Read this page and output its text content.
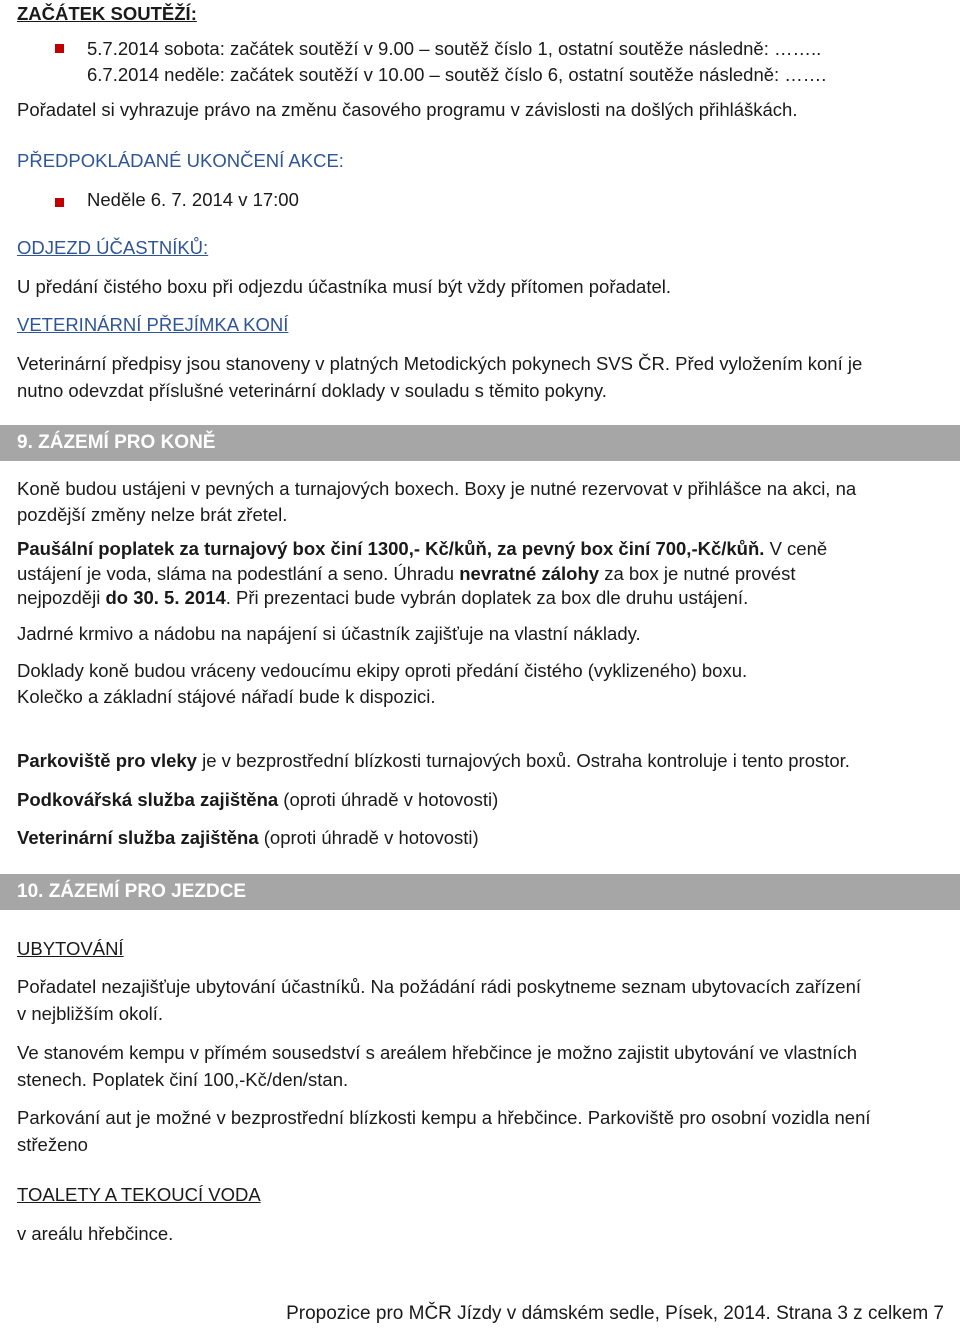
ZAČÁTEK SOUTĚŽÍ:
5.7.2014 sobota: začátek soutěží v 9.00 – soutěž číslo 1, ostatní soutěže následně: ……..
6.7.2014 neděle: začátek soutěží v 10.00 – soutěž číslo 6, ostatní soutěže následně: …….
Pořadatel si vyhrazuje právo na změnu časového programu v závislosti na došlých přihláškách.
PŘEDPOKLÁDANÉ UKONČENÍ AKCE:
Neděle 6. 7. 2014 v 17:00
ODJEZD ÚČASTNÍKŮ:
U předání čistého boxu při odjezdu účastníka musí být vždy přítomen pořadatel.
VETERINÁRNÍ PŘEJÍMKA KONÍ
Veterinární předpisy jsou stanoveny v platných Metodických pokynech SVS ČR. Před vyložením koní je
nutno odevzdat příslušné veterinární doklady v souladu s těmito pokyny.
9. ZÁZEMÍ PRO KONĚ
Koně budou ustájeni v pevných a turnajových boxech. Boxy je nutné rezervovat v přihlášce na akci, na
pozdější změny nelze brát zřetel.
Paušální poplatek za turnajový box činí 1300,- Kč/kůň, za pevný box činí 700,-Kč/kůň. V ceně
ustájení je voda, sláma na podestlání a seno. Úhradu nevratné zálohy za box je nutné provést
nejpozději do 30. 5. 2014. Při prezentaci bude vybrán doplatek za box dle druhu ustájení.
Jadrné krmivo a nádobu na napájení si účastník zajišťuje na vlastní náklady.
Doklady koně budou vráceny vedoucímu ekipy oproti předání čistého (vyklizeného) boxu.
Kolečko a základní stájové nářadí bude k dispozici.
Parkoviště pro vleky je v bezprostřední blízkosti turnajových boxů. Ostraha kontroluje i tento prostor.
Podkovářská služba zajištěna (oproti úhradě v hotovosti)
Veterinární služba zajištěna (oproti úhradě v hotovosti)
10. ZÁZEMÍ PRO JEZDCE
UBYTOVÁNÍ
Pořadatel nezajišťuje ubytování účastníků. Na požádání rádi poskytneme seznam ubytovacích zařízení
v nejbližším okolí.
Ve stanovém kempu v přímém sousedství s areálem hřebčince je možno zajistit ubytování ve vlastních
stenech. Poplatek činí 100,-Kč/den/stan.
Parkování aut je možné v bezprostřední blízkosti kempu a hřebčince. Parkoviště pro osobní vozidla není
střeženo
TOALETY A TEKOUCÍ VODA
v areálu hřebčince.
Propozice pro MČR Jízdy v dámském sedle, Písek, 2014. Strana 3 z celkem 7
